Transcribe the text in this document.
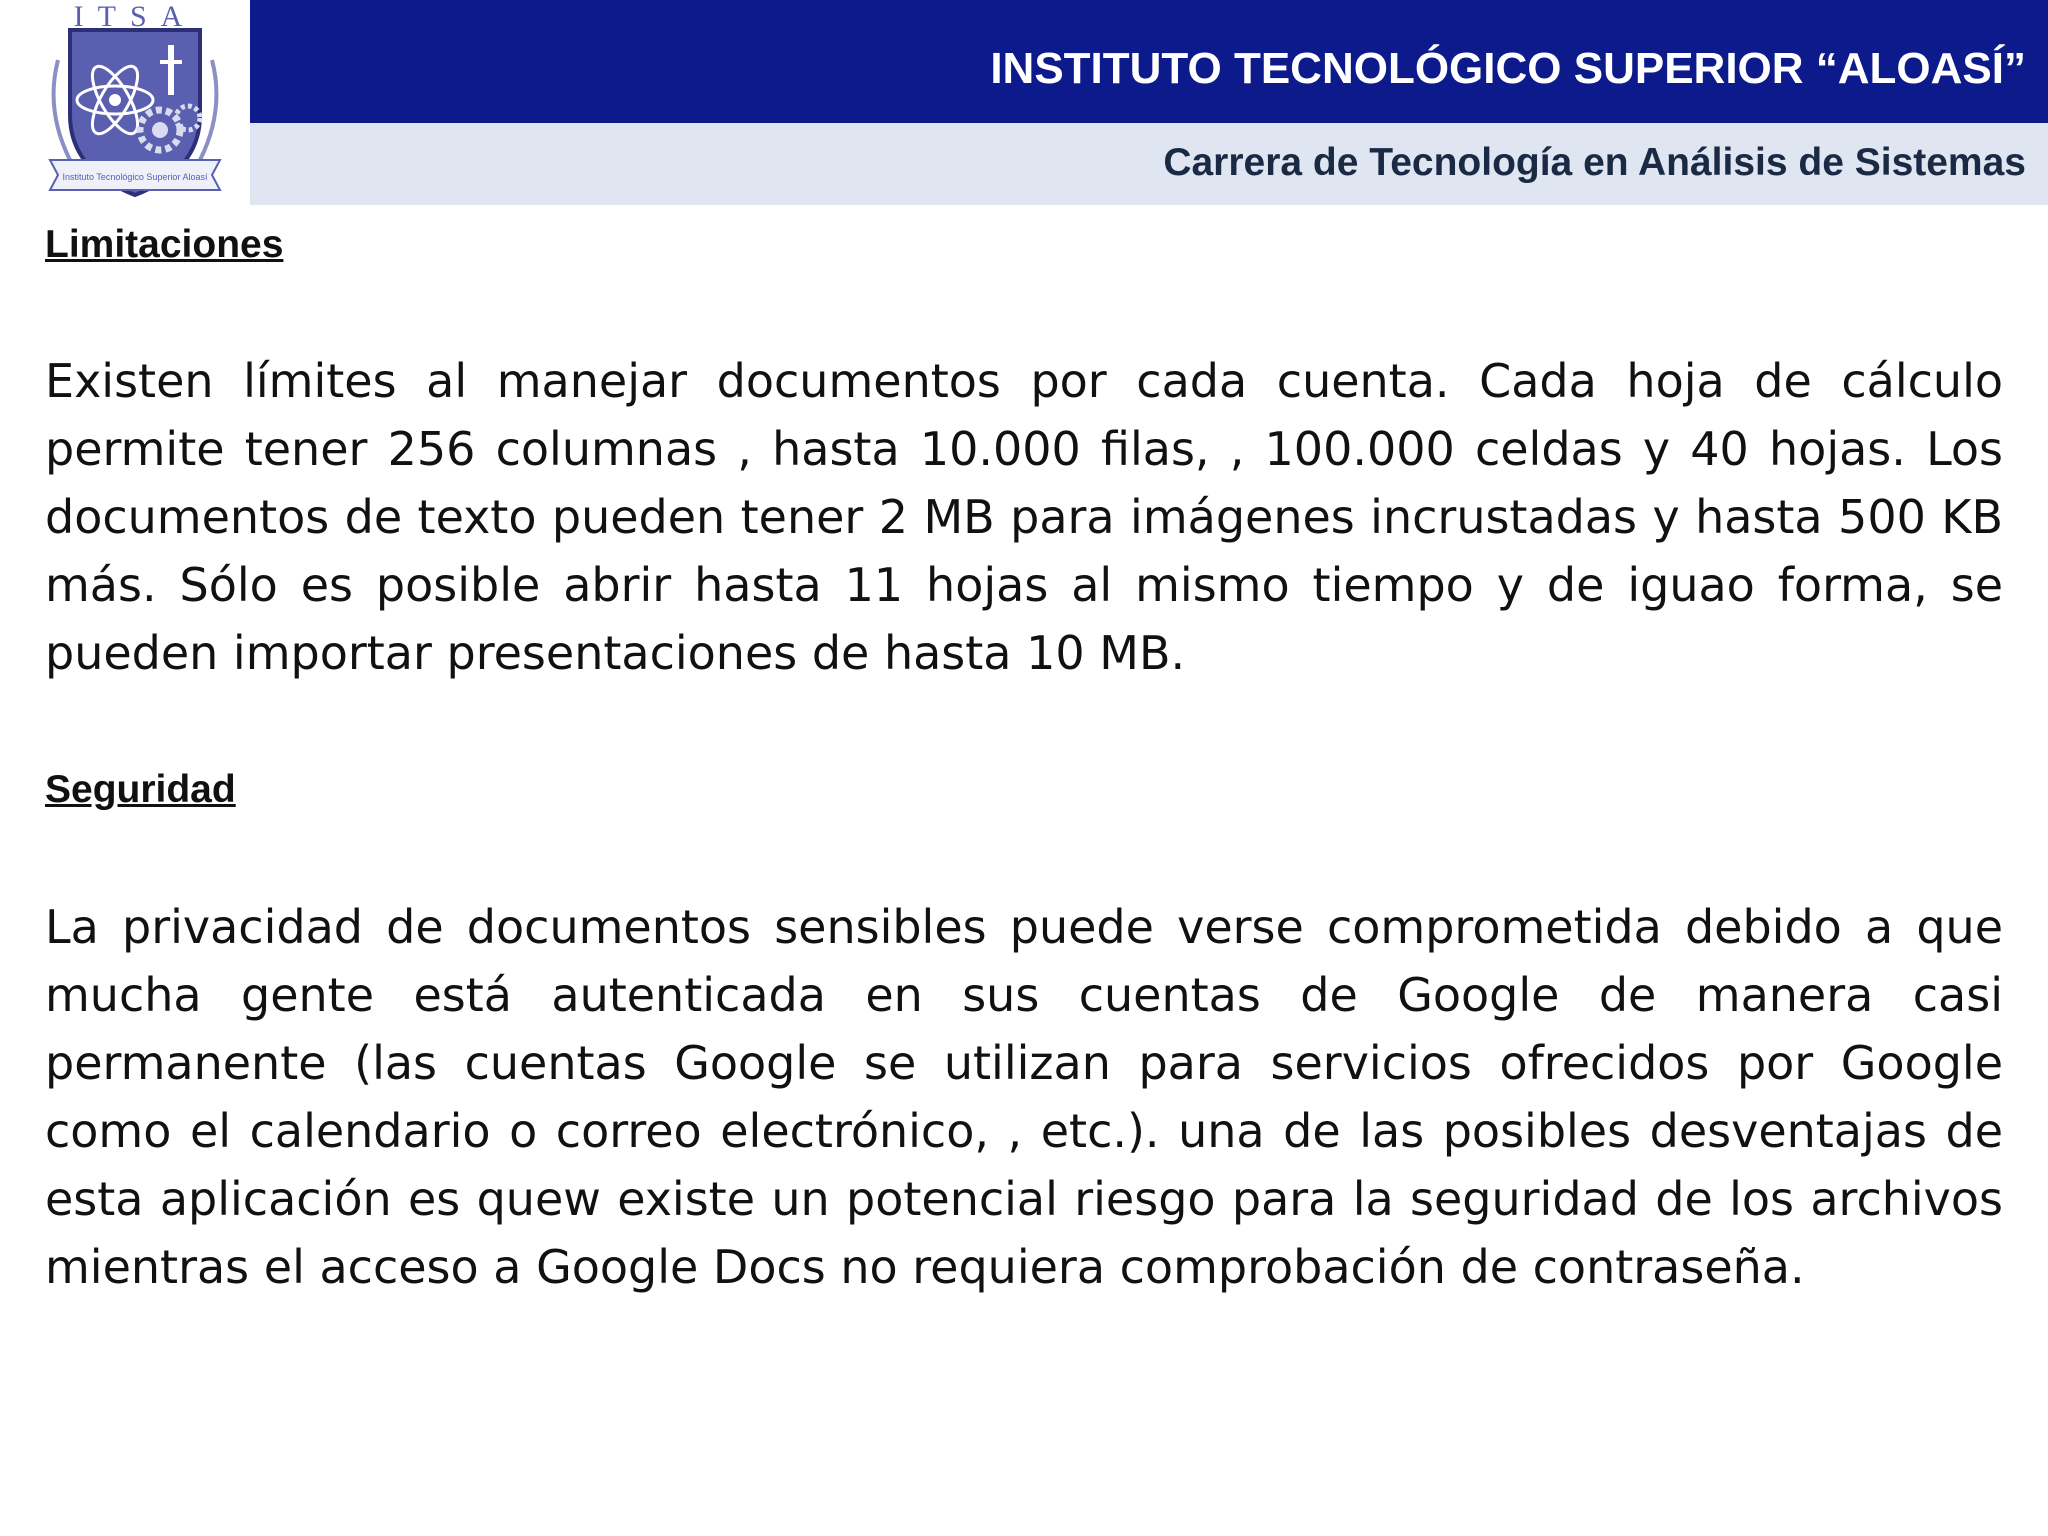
ITSA
Instituto Tecnológico Superior Aloasí
INSTITUTO TECNOLÓGICO SUPERIOR “ALOASÍ”
Carrera de Tecnología en Análisis de Sistemas
Limitaciones

Existen límites al manejar documentos por cada cuenta. Cada hoja de cálculo permite tener 256 columnas , hasta 10.000 filas, , 100.000 celdas y 40 hojas. Los documentos de texto pueden tener 2 MB para imágenes incrustadas y hasta 500 KB más. Sólo es posible abrir hasta 11 hojas al mismo tiempo y de iguao forma, se pueden importar presentaciones de hasta 10 MB.

Seguridad

La privacidad de documentos sensibles puede verse comprometida debido a que mucha gente está autenticada en sus cuentas de Google de manera casi permanente (las cuentas Google se utilizan para servicios ofrecidos por Google como el calendario o correo electrónico, , etc.). una de las posibles desventajas de esta aplicación es quew existe un potencial riesgo para la seguridad de los archivos mientras el acceso a Google Docs no requiera comprobación de contraseña.
